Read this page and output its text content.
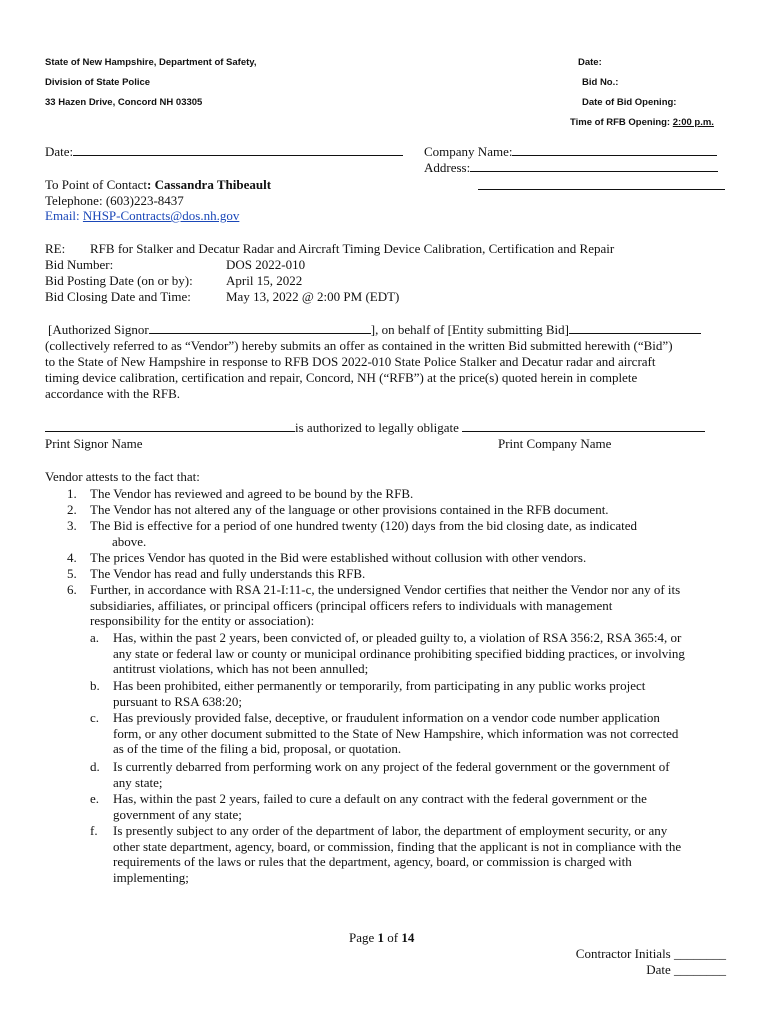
State of New Hampshire, Department of Safety,
Division of State Police
33 Hazen Drive, Concord NH 03305
Date:
Bid No.:
Date of Bid Opening:
Time of RFB Opening: 2:00 p.m.
Date:	Company Name:
Address:
To Point of Contact: Cassandra Thibeault
Telephone: (603)223-8437
Email: NHSP-Contracts@dos.nh.gov
RE: RFB for Stalker and Decatur Radar and Aircraft Timing Device Calibration, Certification and Repair
Bid Number:	DOS 2022-010
Bid Posting Date (on or by):	April 15, 2022
Bid Closing Date and Time:	May 13, 2022 @ 2:00 PM (EDT)
[Authorized Signor	], on behalf of [Entity submitting Bid]
(collectively referred to as “Vendor”) hereby submits an offer as contained in the written Bid submitted herewith (“Bid”)
to the State of New Hampshire in response to RFB DOS 2022-010 State Police Stalker and Decatur radar and aircraft
timing device calibration, certification and repair, Concord, NH (“RFB”) at the price(s) quoted herein in complete
accordance with the RFB.
is authorized to legally obligate
Print Signor Name	Print Company Name
Vendor attests to the fact that:
1. The Vendor has reviewed and agreed to be bound by the RFB.
2. The Vendor has not altered any of the language or other provisions contained in the RFB document.
3. The Bid is effective for a period of one hundred twenty (120) days from the bid closing date, as indicated
above.
4. The prices Vendor has quoted in the Bid were established without collusion with other vendors.
5. The Vendor has read and fully understands this RFB.
6. Further, in accordance with RSA 21-I:11-c, the undersigned Vendor certifies that neither the Vendor nor any of its
subsidiaries, affiliates, or principal officers (principal officers refers to individuals with management
responsibility for the entity or association):
a. Has, within the past 2 years, been convicted of, or pleaded guilty to, a violation of RSA 356:2, RSA 365:4, or
any state or federal law or county or municipal ordinance prohibiting specified bidding practices, or involving
antitrust violations, which has not been annulled;
b. Has been prohibited, either permanently or temporarily, from participating in any public works project
pursuant to RSA 638:20;
c. Has previously provided false, deceptive, or fraudulent information on a vendor code number application
form, or any other document submitted to the State of New Hampshire, which information was not corrected
as of the time of the filing a bid, proposal, or quotation.
d. Is currently debarred from performing work on any project of the federal government or the government of
any state;
e. Has, within the past 2 years, failed to cure a default on any contract with the federal government or the
government of any state;
f. Is presently subject to any order of the department of labor, the department of employment security, or any
other state department, agency, board, or commission, finding that the applicant is not in compliance with the
requirements of the laws or rules that the department, agency, board, or commission is charged with
implementing;
Page 1 of 14
Contractor Initials ________
Date ________
